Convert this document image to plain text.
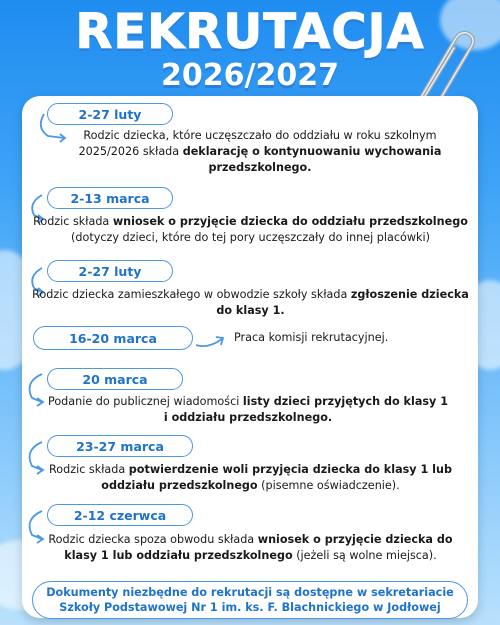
REKRUTACJA
2026/2027
2-27 luty
Rodzic dziecka, które uczęszczało do oddziału w roku szkolnym
2025/2026 składa deklarację o kontynuowaniu wychowania
przedszkolnego.
2-13 marca
Rodzic składa wniosek o przyjęcie dziecka do oddziału przedszkolnego
(dotyczy dzieci, które do tej pory uczęszczały do innej placówki)
2-27 luty
Rodzic dziecka zamieszkałego w obwodzie szkoły składa zgłoszenie dziecka
do klasy 1.
16-20 marca	Praca komisji rekrutacyjnej.
20 marca
Podanie do publicznej wiadomości listy dzieci przyjętych do klasy 1
i oddziału przedszkolnego.
23-27 marca
Rodzic składa potwierdzenie woli przyjęcia dziecka do klasy 1 lub
oddziału przedszkolnego (pisemne oświadczenie).
2-12 czerwca
Rodzic dziecka spoza obwodu składa wniosek o przyjęcie dziecka do
klasy 1 lub oddziału przedszkolnego (jeżeli są wolne miejsca).
Dokumenty niezbędne do rekrutacji są dostępne w sekretariacie
Szkoły Podstawowej Nr 1 im. ks. F. Blachnickiego w Jodłowej
